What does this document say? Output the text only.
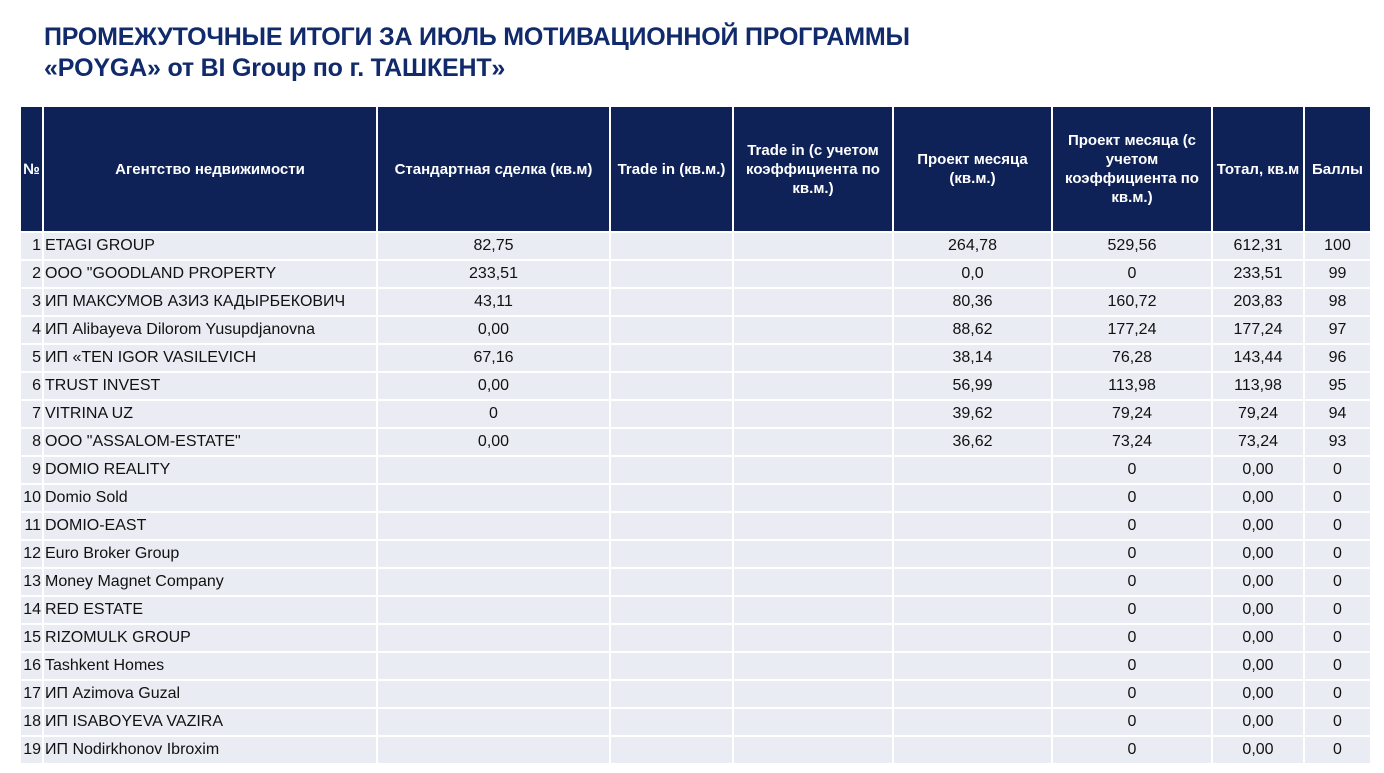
ПРОМЕЖУТОЧНЫЕ ИТОГИ ЗА ИЮЛЬ МОТИВАЦИОННОЙ ПРОГРАММЫ
«POYGA» от BI Group по г. ТАШКЕНТ»
№	Агентство недвижимости	Стандартная сделка (кв.м)	Trade in (кв.м.)	Trade in (с учетом коэффициента по кв.м.)	Проект месяца (кв.м.)	Проект месяца (с учетом коэффициента по кв.м.)	Тотал, кв.м	Баллы
1	ETAGI GROUP	82,75			264,78	529,56	612,31	100
2	ООО "GOODLAND PROPERTY	233,51			0,0	0	233,51	99
3	ИП МАКСУМОВ АЗИЗ КАДЫРБЕКОВИЧ	43,11			80,36	160,72	203,83	98
4	ИП Alibayeva Dilorom Yusupdjanovna	0,00			88,62	177,24	177,24	97
5	ИП «TEN IGOR VASILEVICH	67,16			38,14	76,28	143,44	96
6	TRUST INVEST	0,00			56,99	113,98	113,98	95
7	VITRINA UZ	0			39,62	79,24	79,24	94
8	ООО "ASSALOM-ESTATE"	0,00			36,62	73,24	73,24	93
9	DOMIO REALITY					0	0,00	0
10	Domio Sold					0	0,00	0
11	DOMIO-EAST					0	0,00	0
12	Euro Broker Group					0	0,00	0
13	Money Magnet Company					0	0,00	0
14	RED ESTATE					0	0,00	0
15	RIZOMULK GROUP					0	0,00	0
16	Tashkent Homes					0	0,00	0
17	ИП Azimova Guzal					0	0,00	0
18	ИП ISABOYEVA VAZIRA					0	0,00	0
19	ИП Nodirkhonov Ibroxim					0	0,00	0
